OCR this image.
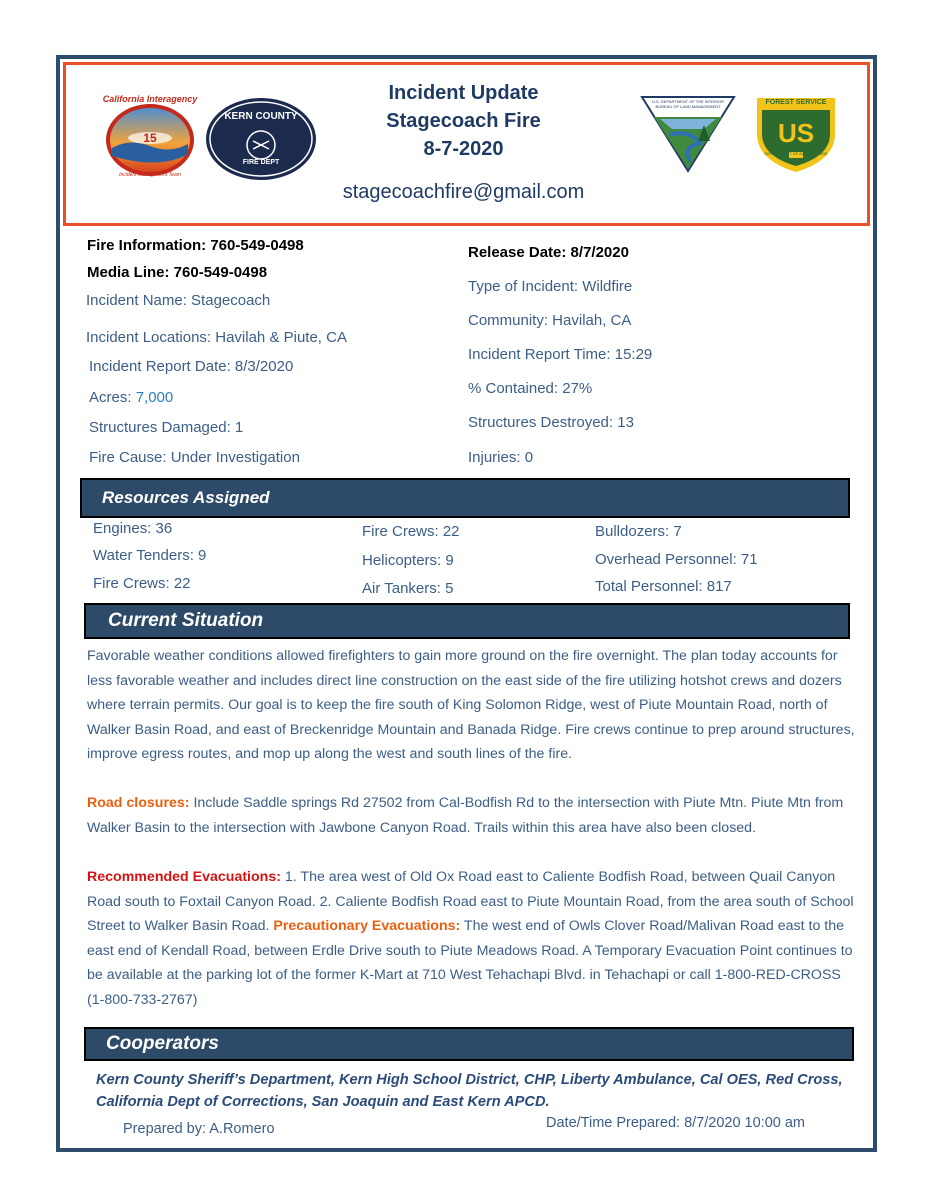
Incident Update
Stagecoach Fire
8-7-2020
stagecoachfire@gmail.com
15
California Interagency
Incident Management Team
KERN COUNTY
FIRE DEPT
U.S. DEPARTMENT OF THE INTERIOR BUREAU OF LAND MANAGEMENT
FOREST SERVICE
US
DEPARTMENT OF AGRICULTURE
Fire Information: 760-549-0498
Media Line: 760-549-0498
Incident Name: Stagecoach
Incident Locations: Havilah & Piute, CA
Incident Report Date: 8/3/2020
Acres: 7,000
Structures Damaged: 1
Fire Cause: Under Investigation
Release Date: 8/7/2020
Type of Incident: Wildfire
Community: Havilah, CA
Incident Report Time: 15:29
% Contained: 27%
Structures Destroyed: 13
Injuries: 0
Resources Assigned
Engines: 36
Water Tenders: 9
Fire Crews: 22
Fire Crews: 22
Helicopters: 9
Air Tankers: 5
Bulldozers: 7
Overhead Personnel: 71
Total Personnel: 817
Current Situation

Favorable weather conditions allowed firefighters to gain more ground on the fire overnight. The plan today accounts for less favorable weather and includes direct line construction on the east side of the fire utilizing hotshot crews and dozers where terrain permits. Our goal is to keep the fire south of King Solomon Ridge, west of Piute Mountain Road, north of Walker Basin Road, and east of Breckenridge Mountain and Banada Ridge. Fire crews continue to prep around structures, improve egress routes, and mop up along the west and south lines of the fire.

Road closures: Include Saddle springs Rd 27502 from Cal-Bodfish Rd to the intersection with Piute Mtn. Piute Mtn from Walker Basin to the intersection with Jawbone Canyon Road. Trails within this area have also been closed.

Recommended Evacuations: 1. The area west of Old Ox Road east to Caliente Bodfish Road, between Quail Canyon Road south to Foxtail Canyon Road. 2. Caliente Bodfish Road east to Piute Mountain Road, from the area south of School Street to Walker Basin Road. Precautionary Evacuations: The west end of Owls Clover Road/Malivan Road east to the east end of Kendall Road, between Erdle Drive south to Piute Meadows Road. A Temporary Evacuation Point continues to be available at the parking lot of the former K-Mart at 710 West Tehachapi Blvd. in Tehachapi or call 1-800-RED-CROSS (1-800-733-2767)

Cooperators

Kern County Sheriff’s Department, Kern High School District, CHP, Liberty Ambulance, Cal OES, Red Cross, California Dept of Corrections, San Joaquin and East Kern APCD.

Prepared by: A.Romero	Date/Time Prepared: 8/7/2020 10:00 am
